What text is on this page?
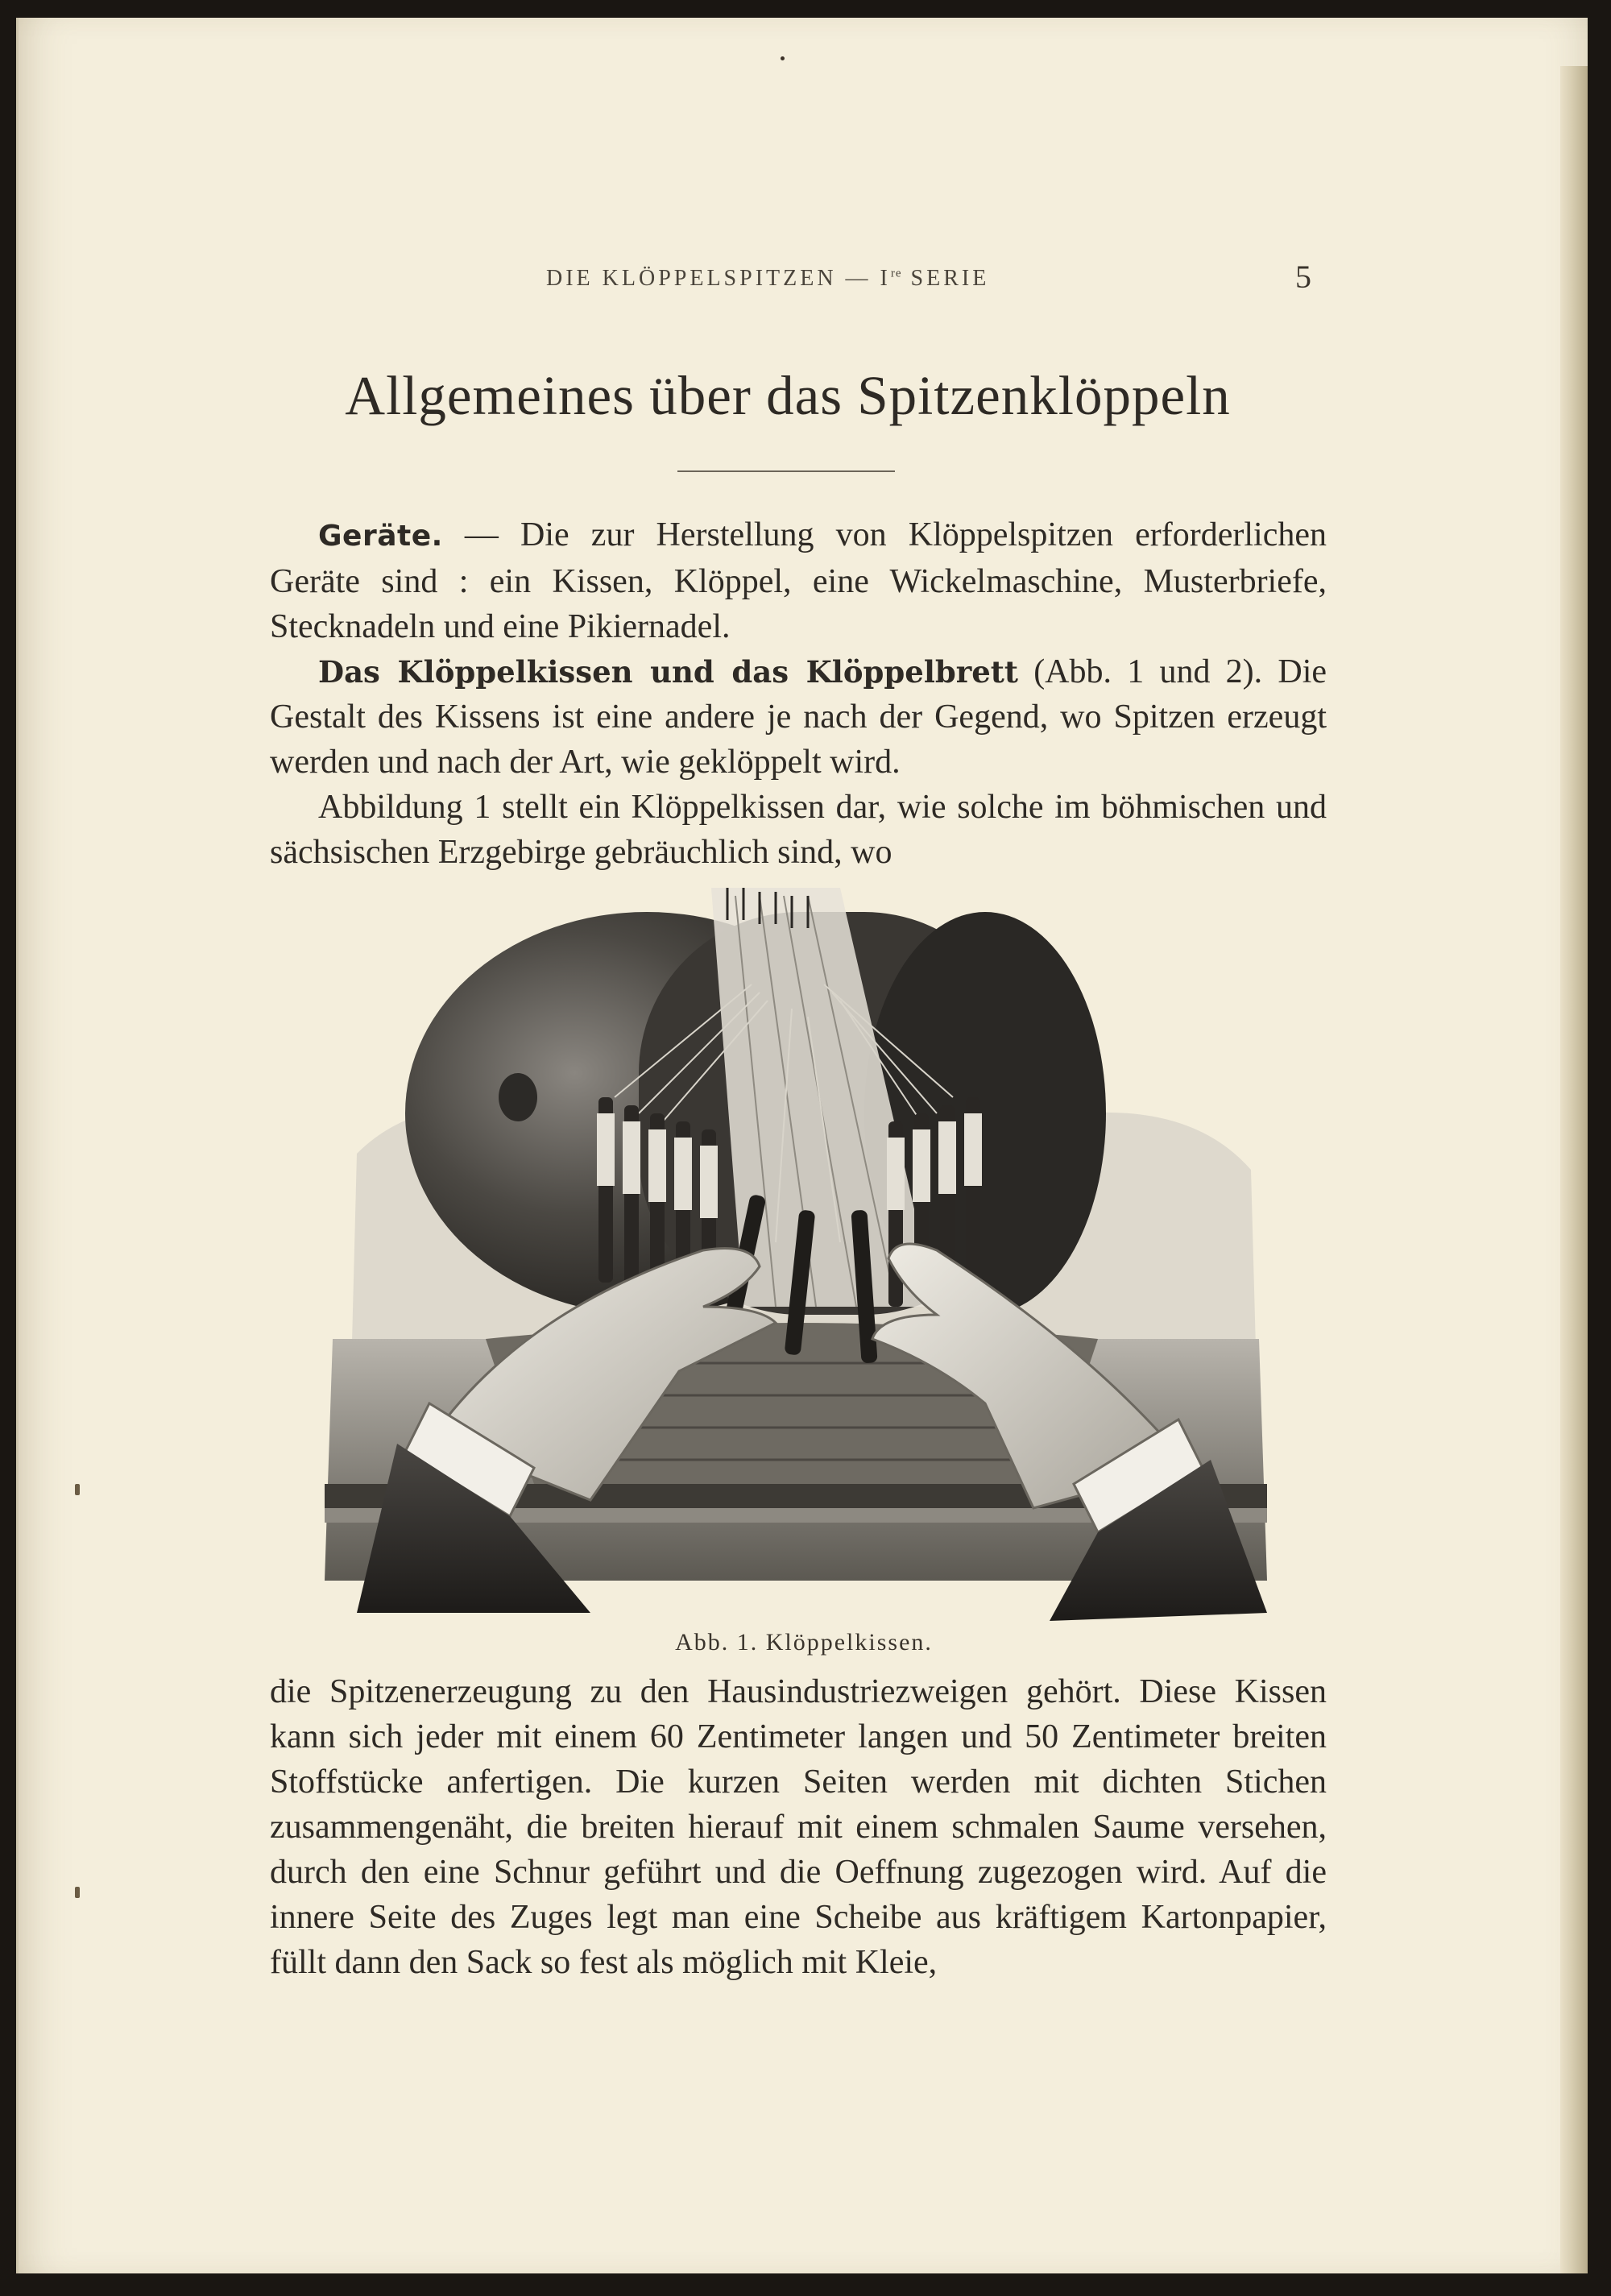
DIE KLÖPPELSPITZEN — Ire SERIE	5
Allgemeines über das Spitzenklöppeln

Geräte. — Die zur Herstellung von Klöppelspitzen erforderlichen Geräte sind : ein Kissen, Klöppel, eine Wickelmaschine, Musterbriefe, Stecknadeln und eine Pikiernadel.

Das Klöppelkissen und das Klöppelbrett (Abb. 1 und 2). Die Gestalt des Kissens ist eine andere je nach der Gegend, wo Spitzen erzeugt werden und nach der Art, wie geklöppelt wird.

Abbildung 1 stellt ein Klöppelkissen dar, wie solche im böhmischen und sächsischen Erzgebirge gebräuchlich sind, wo

Abb. 1. Klöppelkissen.

die Spitzenerzeugung zu den Hausindustriezweigen gehört. Diese Kissen kann sich jeder mit einem 60 Zentimeter langen und 50 Zentimeter breiten Stoffstücke anfertigen. Die kurzen Seiten werden mit dichten Stichen zusammengenäht, die breiten hierauf mit einem schmalen Saume versehen, durch den eine Schnur geführt und die Oeffnung zugezogen wird. Auf die innere Seite des Zuges legt man eine Scheibe aus kräftigem Kartonpapier, füllt dann den Sack so fest als möglich mit Kleie,
